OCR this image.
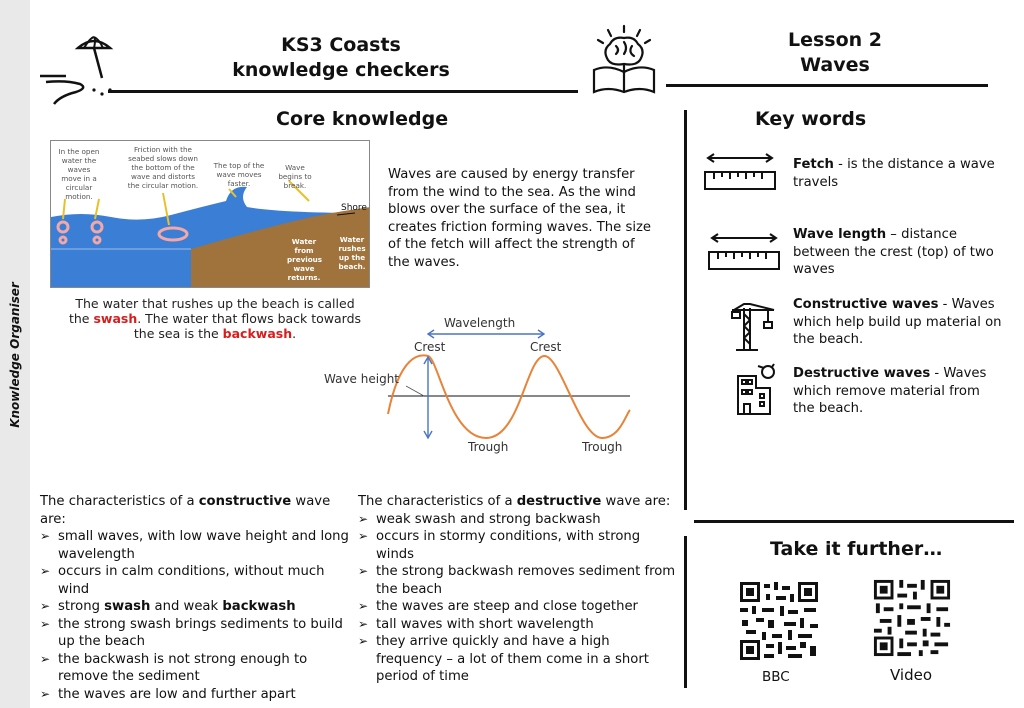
Knowledge Organiser
KS3 Coasts
knowledge checkers
Lesson 2
Waves
Core knowledge
In the open water the waves move in a circular motion.
Friction with the seabed slows down the bottom of the wave and distorts the circular motion.
The top of the wave moves faster.
Wave begins to break.
Shore
Water from previous wave returns.
Water rushes up the beach.
The water that rushes up the beach is called the swash. The water that flows back towards the sea is the backwash.
Waves are caused by energy transfer from the wind to the sea. As the wind blows over the surface of the sea, it creates friction forming waves. The size of the fetch will affect the strength of the waves.
Wavelength
Crest	Crest
Wave height
Trough	Trough
The characteristics of a constructive wave are:
➢ small waves, with low wave height and long wavelength
➢ occurs in calm conditions, without much wind
➢ strong swash and weak backwash
➢ the strong swash brings sediments to build up the beach
➢ the backwash is not strong enough to remove the sediment
➢ the waves are low and further apart
The characteristics of a destructive wave are:
➢ weak swash and strong backwash
➢ occurs in stormy conditions, with strong winds
➢ the strong backwash removes sediment from the beach
➢ the waves are steep and close together
➢ tall waves with short wavelength
➢ they arrive quickly and have a high frequency – a lot of them come in a short period of time
Key words
Fetch - is the distance a wave travels
Wave length – distance between the crest (top) of two waves
Constructive waves - Waves which help build up material on the beach.
Destructive waves - Waves which remove material from the beach.
Take it further…
BBC	Video
